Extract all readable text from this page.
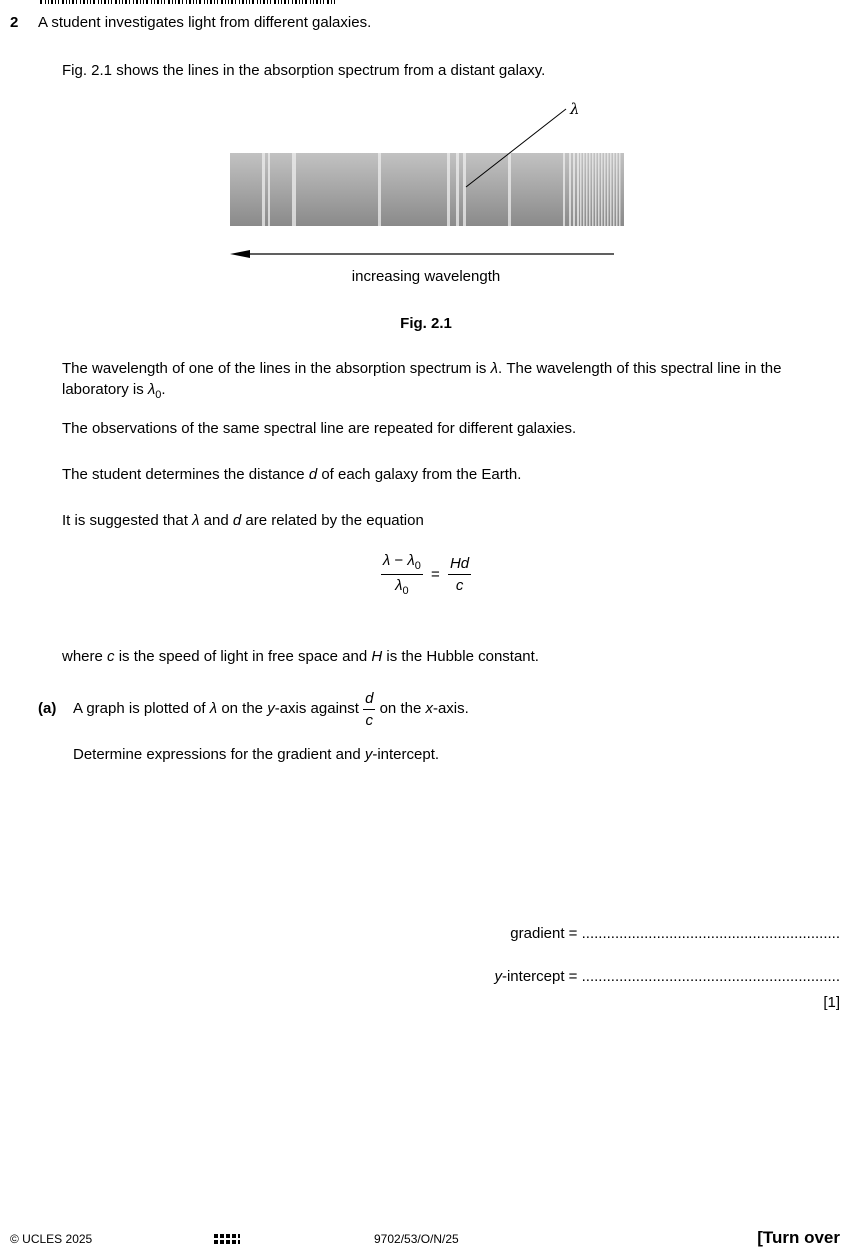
2 A student investigates light from different galaxies.
Fig. 2.1 shows the lines in the absorption spectrum from a distant galaxy.
λ
increasing wavelength
Fig. 2.1
The wavelength of one of the lines in the absorption spectrum is λ. The wavelength of this spectral line in the laboratory is $\lambda_0$.
The observations of the same spectral line are repeated for different galaxies.
The student determines the distance d of each galaxy from the Earth.
It is suggested that λ and d are related by the equation
$\frac{\lambda - \lambda_0}{\lambda_0} = \frac{Hd}{c}$
where c is the speed of light in free space and H is the Hubble constant.
(a) A graph is plotted of λ on the y-axis against $\frac{d}{c}$ on the x-axis.
Determine expressions for the gradient and y-intercept.
gradient = ..............................................................
y-intercept = ..............................................................
[1]
© UCLES 2025	9702/53/O/N/25	[Turn over
